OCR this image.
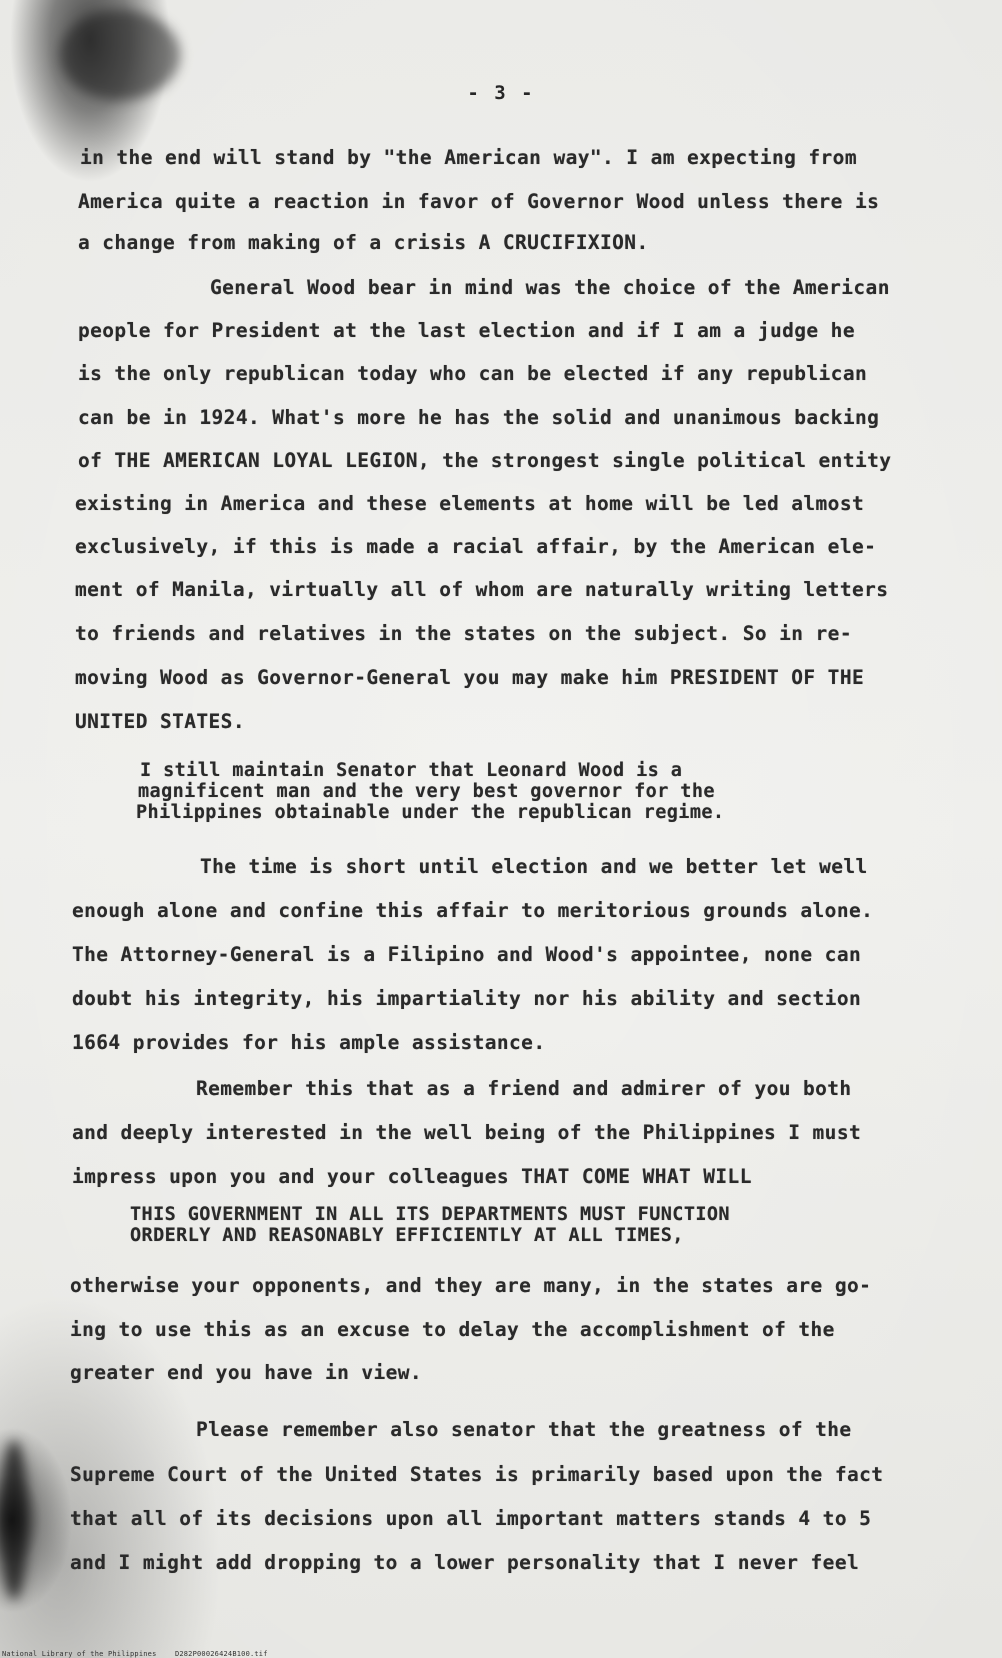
- 3 -
in the end will stand by "the American way". I am expecting from
America quite a reaction in favor of Governor Wood unless there is
a change from making of a crisis A CRUCIFIXION.
General Wood bear in mind was the choice of the American
people for President at the last election and if I am a judge he
is the only republican today who can be elected if any republican
can be in 1924. What's more he has the solid and unanimous backing
of THE AMERICAN LOYAL LEGION, the strongest single political entity
existing in America and these elements at home will be led almost
exclusively, if this is made a racial affair, by the American ele-
ment of Manila, virtually all of whom are naturally writing letters
to friends and relatives in the states on the subject. So in re-
moving Wood as Governor-General you may make him PRESIDENT OF THE
UNITED STATES.
I still maintain Senator that Leonard Wood is a
magnificent man and the very best governor for the
Philippines obtainable under the republican regime.
The time is short until election and we better let well
enough alone and confine this affair to meritorious grounds alone.
The Attorney-General is a Filipino and Wood's appointee, none can
doubt his integrity, his impartiality nor his ability and section
1664 provides for his ample assistance.
Remember this that as a friend and admirer of you both
and deeply interested in the well being of the Philippines I must
impress upon you and your colleagues THAT COME WHAT WILL
THIS GOVERNMENT IN ALL ITS DEPARTMENTS MUST FUNCTION
ORDERLY AND REASONABLY EFFICIENTLY AT ALL TIMES,
otherwise your opponents, and they are many, in the states are go-
ing to use this as an excuse to delay the accomplishment of the
greater end you have in view.
Please remember also senator that the greatness of the
Supreme Court of the United States is primarily based upon the fact
that all of its decisions upon all important matters stands 4 to 5
and I might add dropping to a lower personality that I never feel
National Library of the Philippines	D282P00026424B100.tif
